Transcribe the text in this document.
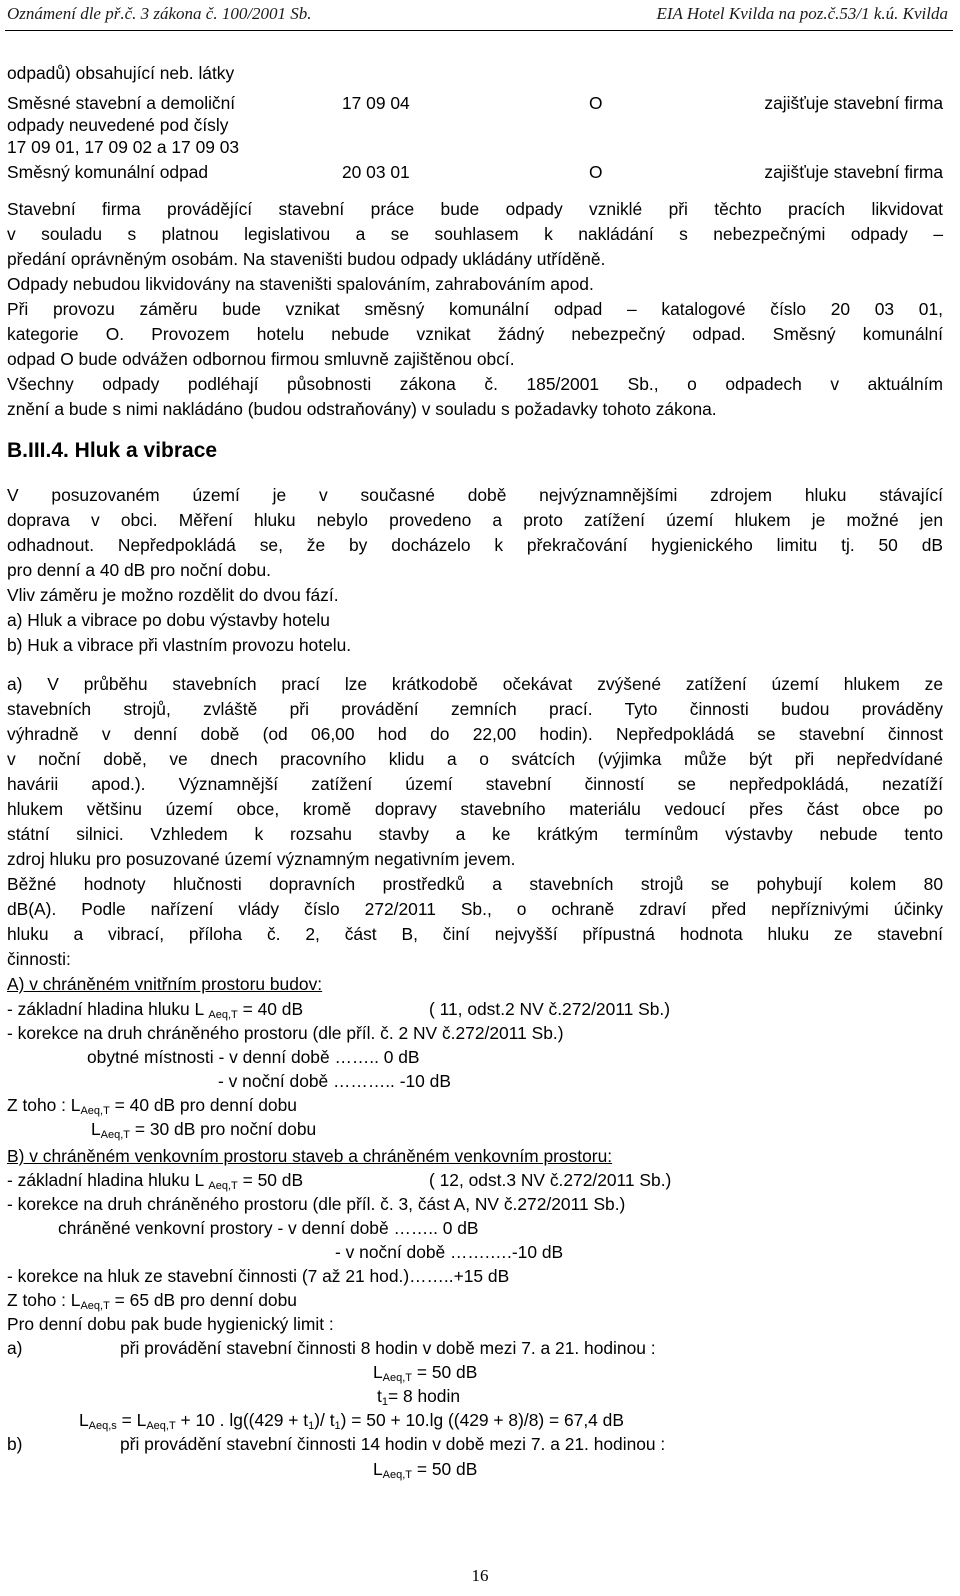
Oznámení dle př.č. 3 zákona č. 100/2001 Sb.	EIA Hotel Kvilda na poz.č.53/1 k.ú. Kvilda
odpadů) obsahující neb. látky
Směsné stavební a demoliční	17 09 04	O	zajišťuje stavební firma
odpady neuvedené pod čísly
17 09 01, 17 09 02 a 17 09 03
Směsný komunální odpad	20 03 01	O	zajišťuje stavební firma
Stavební firma provádějící stavební práce bude odpady vzniklé při těchto pracích likvidovat
v souladu s platnou legislativou a se souhlasem k nakládání s nebezpečnými odpady –
předání oprávněným osobám. Na staveništi budou odpady ukládány utříděně.
Odpady nebudou likvidovány na staveništi spalováním, zahrabováním apod.
Při provozu záměru bude vznikat směsný komunální odpad – katalogové číslo 20 03 01,
kategorie O. Provozem hotelu nebude vznikat žádný nebezpečný odpad. Směsný komunální
odpad O bude odvážen odbornou firmou smluvně zajištěnou obcí.
Všechny odpady podléhají působnosti zákona č. 185/2001 Sb., o odpadech v aktuálním
znění a bude s nimi nakládáno (budou odstraňovány) v souladu s požadavky tohoto zákona.
B.III.4. Hluk a vibrace
V posuzovaném území je v současné době nejvýznamnějšími zdrojem hluku stávající
doprava v obci. Měření hluku nebylo provedeno a proto zatížení území hlukem je možné jen
odhadnout. Nepředpokládá se, že by docházelo k překračování hygienického limitu tj. 50 dB
pro denní a 40 dB pro noční dobu.
Vliv záměru je možno rozdělit do dvou fází.
a) Hluk a vibrace po dobu výstavby hotelu
b) Huk a vibrace při vlastním provozu hotelu.
a) V průběhu stavebních prací lze krátkodobě očekávat zvýšené zatížení území hlukem ze
stavebních strojů, zvláště při provádění zemních prací. Tyto činnosti budou prováděny
výhradně v denní době (od 06,00 hod do 22,00 hodin). Nepředpokládá se stavební činnost
v noční době, ve dnech pracovního klidu a o svátcích (výjimka může být při nepředvídané
havárii apod.). Významnější zatížení území stavební činností se nepředpokládá, nezatíží
hlukem většinu území obce, kromě dopravy stavebního materiálu vedoucí přes část obce po
státní silnici. Vzhledem k rozsahu stavby a ke krátkým termínům výstavby nebude tento
zdroj hluku pro posuzované území významným negativním jevem.
Běžné hodnoty hlučnosti dopravních prostředků a stavebních strojů se pohybují kolem 80
dB(A). Podle nařízení vlády číslo 272/2011 Sb., o ochraně zdraví před nepříznivými účinky
hluku a vibrací, příloha č. 2, část B, činí nejvyšší přípustná hodnota hluku ze stavební
činnosti:
A) v chráněném vnitřním prostoru budov:
- základní hladina hluku L $_{Aeq,T}$ = 40 dB	( 11, odst.2 NV č.272/2011 Sb.)
- korekce na druh chráněného prostoru (dle příl. č. 2 NV č.272/2011 Sb.)
obytné místnosti - v denní době …….. 0 dB
- v noční době ……….. -10 dB
Z toho : $L_{Aeq,T} = 40$ dB pro denní dobu
$L_{Aeq,T} = 30$ dB pro noční dobu
B) v chráněném venkovním prostoru staveb a chráněném venkovním prostoru:
- základní hladina hluku L $_{Aeq,T}$ = 50 dB	( 12, odst.3 NV č.272/2011 Sb.)
- korekce na druh chráněného prostoru (dle příl. č. 3, část A, NV č.272/2011 Sb.)
chráněné venkovní prostory - v denní době …….. 0 dB
- v noční době …….….-10 dB
- korekce na hluk ze stavební činnosti (7 až 21 hod.)……..+15 dB
Z toho : $L_{Aeq,T} = 65$ dB pro denní dobu
Pro denní dobu pak bude hygienický limit :
a)	při provádění stavební činnosti 8 hodin v době mezi 7. a 21. hodinou :
$L_{Aeq,T} = 50$ dB
$t_1= 8$ hodin
$L_{Aeq,s} = L_{Aeq,T} + 10$ . $\lg((429 + t_1)/$ $t_1) = 50 + 10.\lg$ ((429 + 8)/8) = 67,4 dB
b)	při provádění stavební činnosti 14 hodin v době mezi 7. a 21. hodinou :
$L_{Aeq,T} = 50$ dB
16
